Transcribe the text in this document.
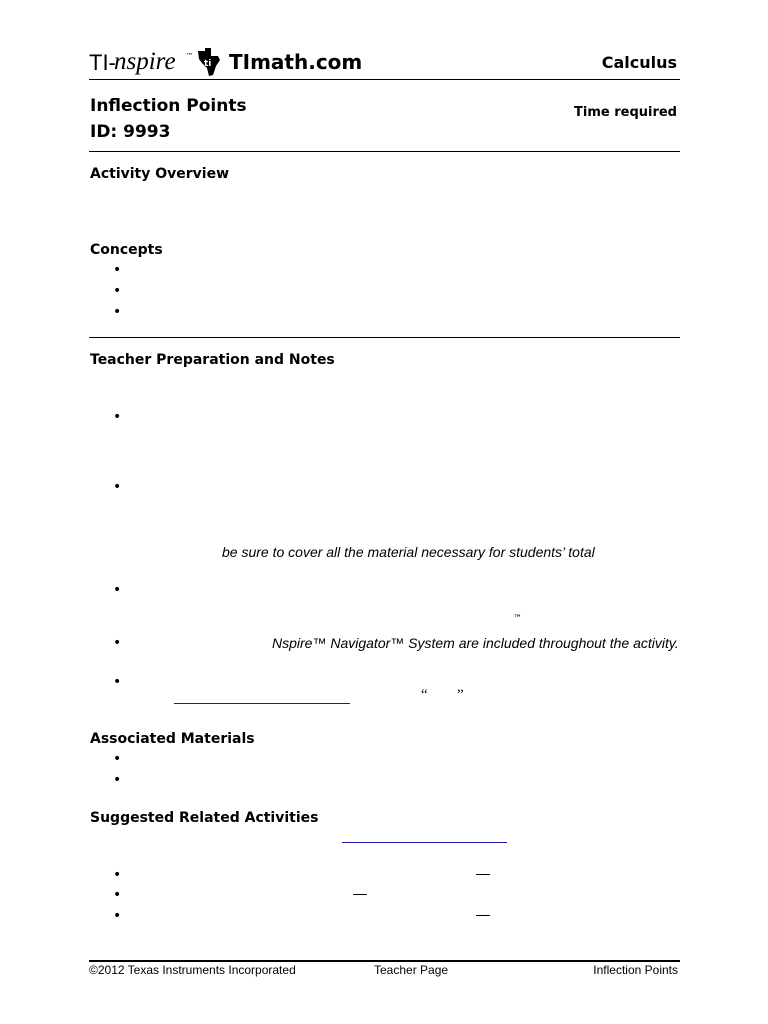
TI-
nspire ™
ti TImath.com	Calculus
Inflection Points
ID: 9993
Time required
Activity Overview
Concepts
•
•
•
Teacher Preparation and Notes
•
•
be sure to cover all the material necessary for students’ total
•
™
•	Nspire™ Navigator™ System are included throughout the activity.
•
“ ”
Associated Materials
•
•
Suggested Related Activities
•
•
•
©2012 Texas Instruments Incorporated	Teacher Page	Inflection Points
